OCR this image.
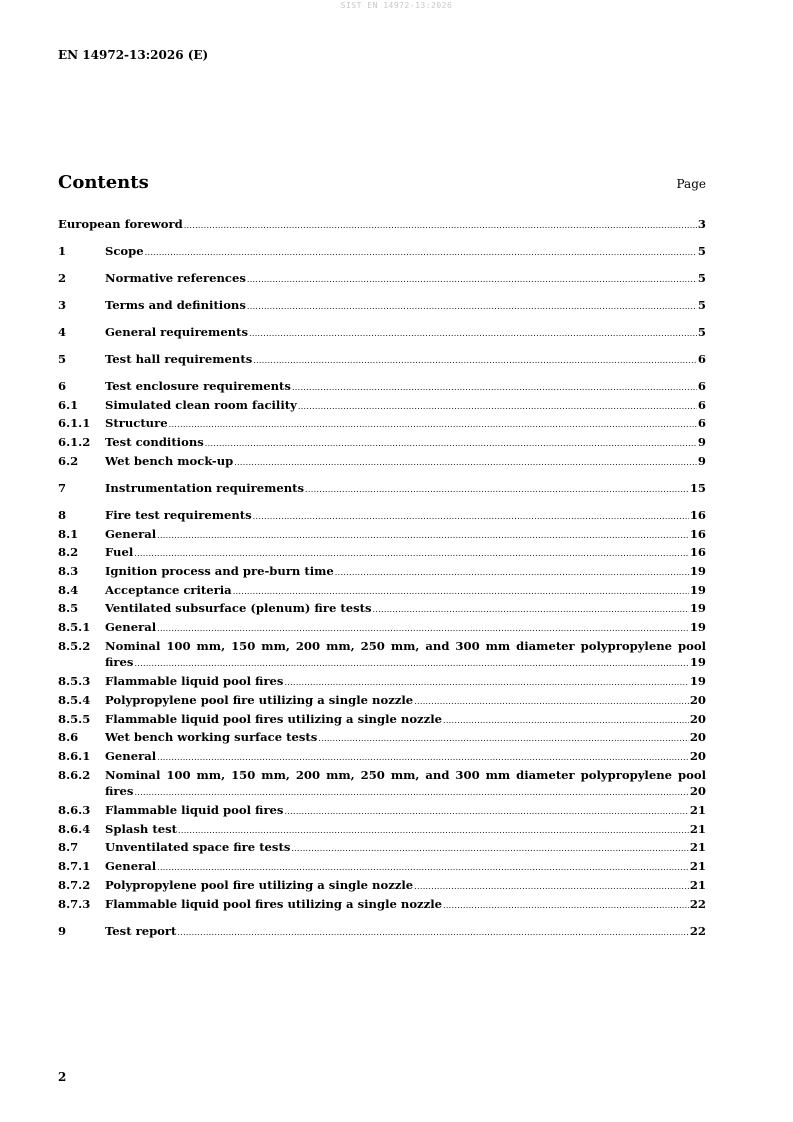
SIST EN 14972-13:2026
EN 14972-13:2026 (E)
Contents	Page
European foreword .....	3
1	Scope .....	5
2	Normative references .....	5
3	Terms and definitions .....	5
4	General requirements .....	5
5	Test hall requirements .....	6
6	Test enclosure requirements .....	6
6.1	Simulated clean room facility .....	6
6.1.1	Structure .....	6
6.1.2	Test conditions .....	9
6.2	Wet bench mock-up .....	9
7	Instrumentation requirements .....	15
8	Fire test requirements .....	16
8.1	General .....	16
8.2	Fuel .....	16
8.3	Ignition process and pre-burn time .....	19
8.4	Acceptance criteria .....	19
8.5	Ventilated subsurface (plenum) fire tests .....	19
8.5.1	General .....	19
8.5.2	Nominal 100 mm, 150 mm, 200 mm, 250 mm, and 300 mm diameter polypropylene pool
fires .....	19
8.5.3	Flammable liquid pool fires .....	19
8.5.4	Polypropylene pool fire utilizing a single nozzle .....	20
8.5.5	Flammable liquid pool fires utilizing a single nozzle .....	20
8.6	Wet bench working surface tests .....	20
8.6.1	General .....	20
8.6.2	Nominal 100 mm, 150 mm, 200 mm, 250 mm, and 300 mm diameter polypropylene pool
fires .....	20
8.6.3	Flammable liquid pool fires .....	21
8.6.4	Splash test .....	21
8.7	Unventilated space fire tests .....	21
8.7.1	General .....	21
8.7.2	Polypropylene pool fire utilizing a single nozzle .....	21
8.7.3	Flammable liquid pool fires utilizing a single nozzle .....	22
9	Test report .....	22
2
